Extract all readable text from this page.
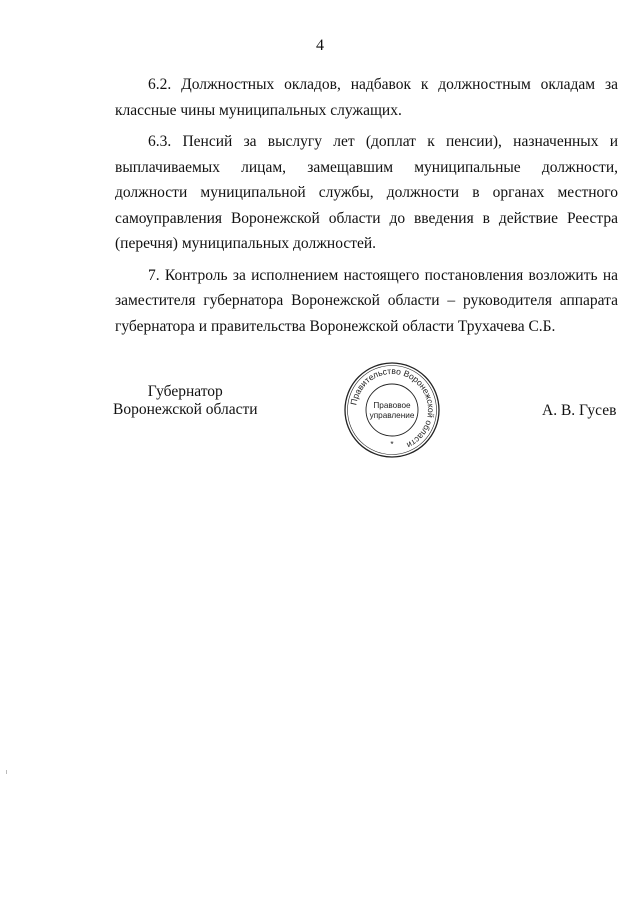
4

6.2. Должностных окладов, надбавок к должностным окладам за классные чины муниципальных служащих.

6.3. Пенсий за выслугу лет (доплат к пенсии), назначенных и выплачиваемых лицам, замещавшим муниципальные должности, должности муниципальной службы, должности в органах местного самоуправления Воронежской области до введения в действие Реестра (перечня) муниципальных должностей.

7. Контроль за исполнением настоящего постановления возложить на заместителя губернатора Воронежской области – руководителя аппарата губернатора и правительства Воронежской области Трухачева С.Б.

Губернатор
Воронежской области	Правительство Воронежской области
Правовое
управление
*
А. В. Гусев
